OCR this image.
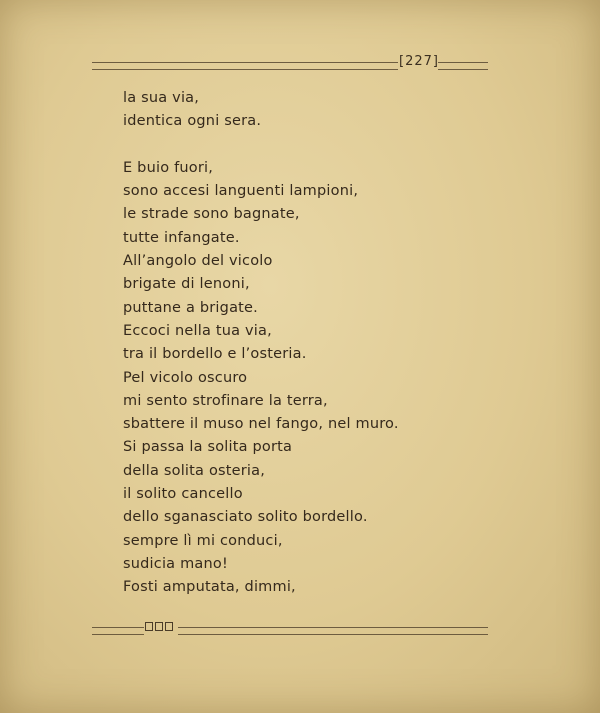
[227]
la sua via,
identica ogni sera.
E buio fuori,
sono accesi languenti lampioni,
le strade sono bagnate,
tutte infangate.
All’angolo del vicolo
brigate di lenoni,
puttane a brigate.
Eccoci nella tua via,
tra il bordello e l’osteria.
Pel vicolo oscuro
mi sento strofinare la terra,
sbattere il muso nel fango, nel muro.
Si passa la solita porta
della solita osteria,
il solito cancello
dello sganasciato solito bordello.
sempre lì mi conduci,
sudicia mano!
Fosti amputata, dimmi,
